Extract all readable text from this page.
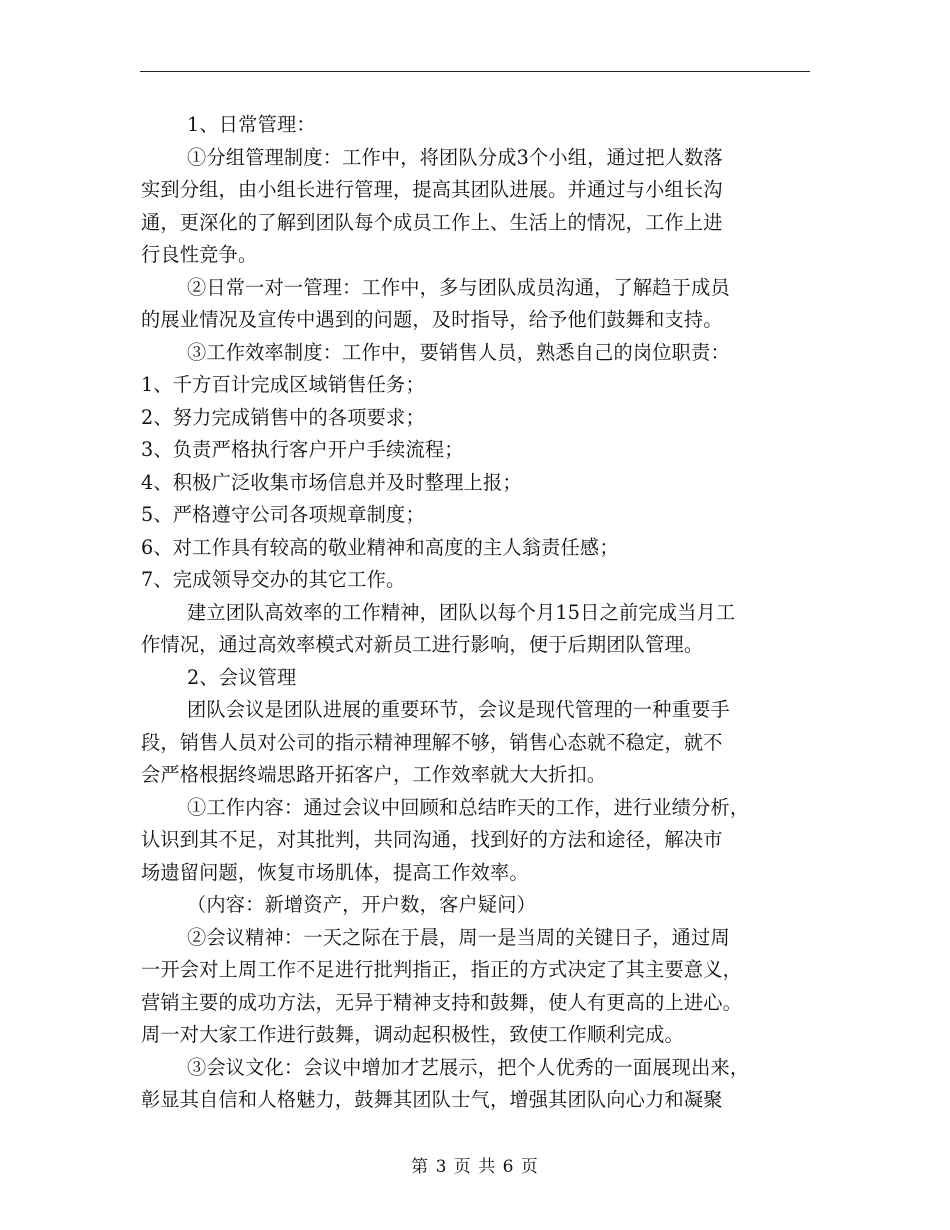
1、日常管理：
①分组管理制度：工作中，将团队分成3个小组，通过把人数落
实到分组，由小组长进行管理，提高其团队进展。并通过与小组长沟
通，更深化的了解到团队每个成员工作上、生活上的情况，工作上进
行良性竞争。
②日常一对一管理：工作中，多与团队成员沟通，了解趋于成员
的展业情况及宣传中遇到的问题，及时指导，给予他们鼓舞和支持。
③工作效率制度：工作中，要销售人员，熟悉自己的岗位职责：
1、千方百计完成区域销售任务；
2、努力完成销售中的各项要求；
3、负责严格执行客户开户手续流程；
4、积极广泛收集市场信息并及时整理上报；
5、严格遵守公司各项规章制度；
6、对工作具有较高的敬业精神和高度的主人翁责任感；
7、完成领导交办的其它工作。
建立团队高效率的工作精神，团队以每个月15日之前完成当月工
作情况，通过高效率模式对新员工进行影响，便于后期团队管理。
2、会议管理
团队会议是团队进展的重要环节，会议是现代管理的一种重要手
段，销售人员对公司的指示精神理解不够，销售心态就不稳定，就不
会严格根据终端思路开拓客户，工作效率就大大折扣。
①工作内容：通过会议中回顾和总结昨天的工作，进行业绩分析，
认识到其不足，对其批判，共同沟通，找到好的方法和途径，解决市
场遗留问题，恢复市场肌体，提高工作效率。
（内容：新增资产，开户数，客户疑问）
②会议精神：一天之际在于晨，周一是当周的关键日子，通过周
一开会对上周工作不足进行批判指正，指正的方式决定了其主要意义，
营销主要的成功方法，无异于精神支持和鼓舞，使人有更高的上进心。
周一对大家工作进行鼓舞，调动起积极性，致使工作顺利完成。
③会议文化：会议中增加才艺展示，把个人优秀的一面展现出来，
彰显其自信和人格魅力，鼓舞其团队士气，增强其团队向心力和凝聚
第 3 页 共 6 页
